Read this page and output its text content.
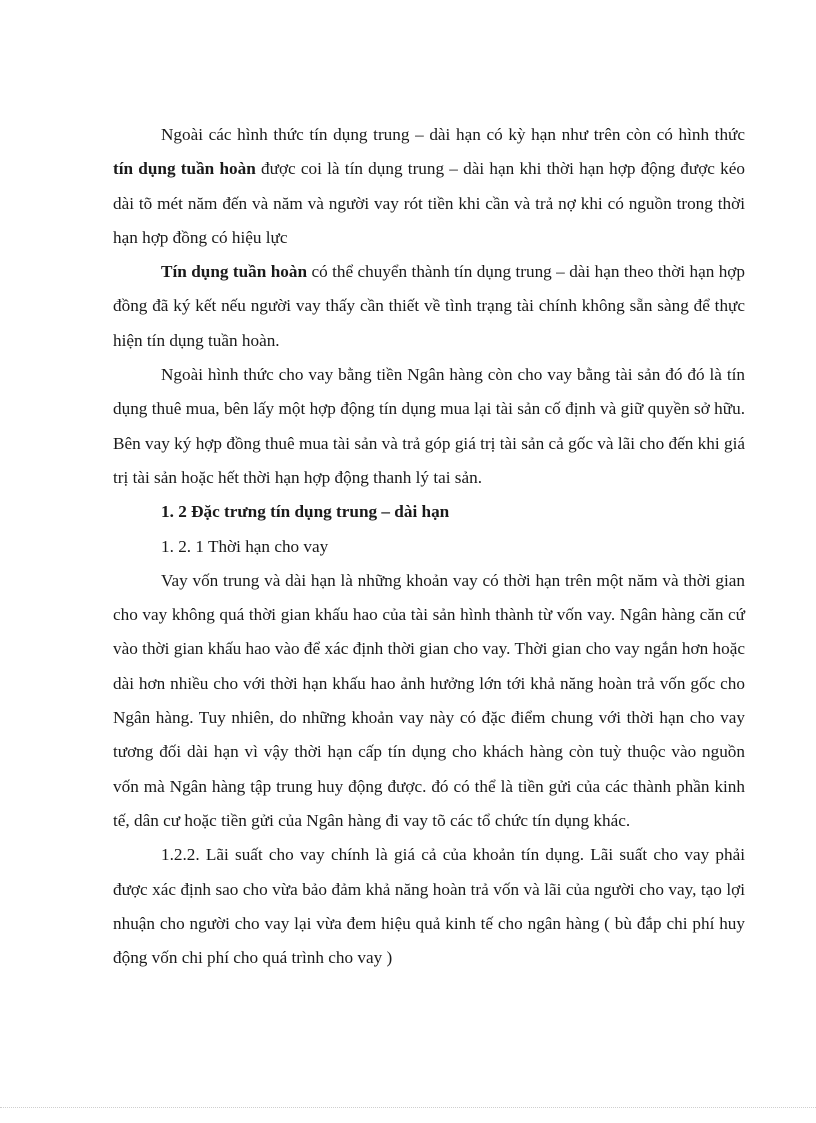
Ngoài các hình thức tín dụng trung – dài hạn có kỳ hạn như trên còn có hình thức tín dụng tuần hoàn được coi là tín dụng trung – dài hạn khi thời hạn hợp động được kéo dài tõ mét năm đến và năm và người vay rót tiền khi cần và trả nợ khi có nguồn trong thời hạn hợp đồng có hiệu lực

Tín dụng tuần hoàn có thể chuyển thành tín dụng trung – dài hạn theo thời hạn hợp đồng đã ký kết nếu người vay thấy cần thiết về tình trạng tài chính không sẵn sàng để thực hiện tín dụng tuần hoàn.

Ngoài hình thức cho vay bằng tiền Ngân hàng còn cho vay bằng tài sản đó đó là tín dụng thuê mua, bên lấy một hợp động tín dụng mua lại tài sản cố định và giữ quyền sở hữu. Bên vay ký hợp đồng thuê mua tài sản và trả góp giá trị tài sản cả gốc và lãi cho đến khi giá trị tài sản hoặc hết thời hạn hợp động thanh lý tai sản.

1. 2 Đặc trưng tín dụng trung – dài hạn

1. 2. 1 Thời hạn cho vay

Vay vốn trung và dài hạn là những khoản vay có thời hạn trên một năm và thời gian cho vay không quá thời gian khấu hao của tài sản hình thành từ vốn vay. Ngân hàng căn cứ vào thời gian khấu hao vào để xác định thời gian cho vay. Thời gian cho vay ngắn hơn hoặc dài hơn nhiều cho với thời hạn khấu hao ảnh hưởng lớn tới khả năng hoàn trả vốn gốc cho Ngân hàng. Tuy nhiên, do những khoản vay này có đặc điểm chung với thời hạn cho vay tương đối dài hạn vì vậy thời hạn cấp tín dụng cho khách hàng còn tuỳ thuộc vào nguồn vốn mà Ngân hàng tập trung huy động được. đó có thể là tiền gửi của các thành phần kinh tế, dân cư hoặc tiền gửi của Ngân hàng đi vay tõ các tổ chức tín dụng khác.

1.2.2. Lãi suất cho vay chính là giá cả của khoản tín dụng. Lãi suất cho vay phải được xác định sao cho vừa bảo đảm khả năng hoàn trả vốn và lãi của người cho vay, tạo lợi nhuận cho người cho vay lại vừa đem hiệu quả kinh tế cho ngân hàng ( bù đắp chi phí huy động vốn chi phí cho quá trình cho vay )
